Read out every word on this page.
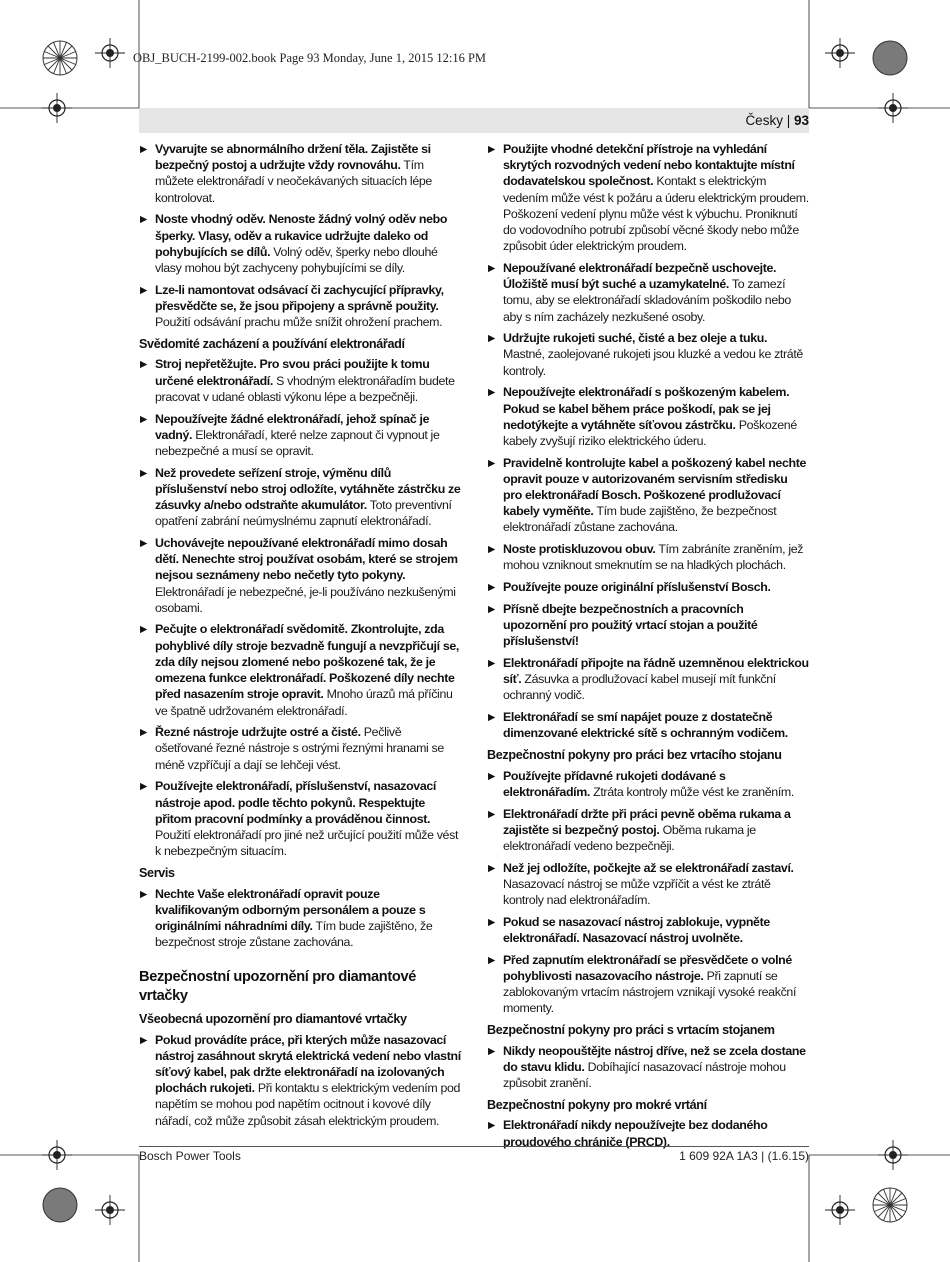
OBJ_BUCH-2199-002.book Page 93 Monday, June 1, 2015 12:16 PM
Česky | 93
▶ Vyvarujte se abnormálního držení těla. Zajistěte si bezpečný postoj a udržujte vždy rovnováhu. Tím můžete elektronářadí v neočekávaných situacích lépe kontrolovat.
▶ Noste vhodný oděv. Nenoste žádný volný oděv nebo šperky. Vlasy, oděv a rukavice udržujte daleko od pohybujících se dílů. Volný oděv, šperky nebo dlouhé vlasy mohou být zachyceny pohybujícími se díly.
▶ Lze-li namontovat odsávací či zachycující přípravky, přesvědčte se, že jsou připojeny a správně použity. Použití odsávání prachu může snížit ohrožení prachem.
Svědomité zacházení a používání elektronářadí
▶ Stroj nepřetěžujte. Pro svou práci použijte k tomu určené elektronářadí. S vhodným elektronářadím budete pracovat v udané oblasti výkonu lépe a bezpečněji.
▶ Nepoužívejte žádné elektronářadí, jehož spínač je vadný. Elektronářadí, které nelze zapnout či vypnout je nebezpečné a musí se opravit.
▶ Než provedete seřízení stroje, výměnu dílů příslušenství nebo stroj odložíte, vytáhněte zástrčku ze zásuvky a/nebo odstraňte akumulátor. Toto preventivní opatření zabrání neúmyslnému zapnutí elektronářadí.
▶ Uchovávejte nepoužívané elektronářadí mimo dosah dětí. Nenechte stroj používat osobám, které se strojem nejsou seznámeny nebo nečetly tyto pokyny. Elektronářadí je nebezpečné, je-li používáno nezkušenými osobami.
▶ Pečujte o elektronářadí svědomitě. Zkontrolujte, zda pohyblivé díly stroje bezvadně fungují a nevzpřičují se, zda díly nejsou zlomené nebo poškozené tak, že je omezena funkce elektronářadí. Poškozené díly nechte před nasazením stroje opravit. Mnoho úrazů má příčinu ve špatně udržovaném elektronářadí.
▶ Řezné nástroje udržujte ostré a čisté. Pečlivě ošetřované řezné nástroje s ostrými řeznými hranami se méně vzpříčují a dají se lehčeji vést.
▶ Používejte elektronářadí, příslušenství, nasazovací nástroje apod. podle těchto pokynů. Respektujte přitom pracovní podmínky a prováděnou činnost. Použití elektronářadí pro jiné než určující použití může vést k nebezpečným situacím.
Servis
▶ Nechte Vaše elektronářadí opravit pouze kvalifikovaným odborným personálem a pouze s originálními náhradními díly. Tím bude zajištěno, že bezpečnost stroje zůstane zachována.
Bezpečnostní upozornění pro diamantové vrtačky
Všeobecná upozornění pro diamantové vrtačky
▶ Pokud provádíte práce, při kterých může nasazovací nástroj zasáhnout skrytá elektrická vedení nebo vlastní síťový kabel, pak držte elektronářadí na izolovaných plochách rukojeti. Při kontaktu s elektrickým vedením pod napětím se mohou pod napětím ocitnout i kovové díly nářadí, což může způsobit zásah elektrickým proudem.
▶ Použijte vhodné detekční přístroje na vyhledání skrytých rozvodných vedení nebo kontaktujte místní dodavatelskou společnost. Kontakt s elektrickým vedením může vést k požáru a úderu elektrickým proudem. Poškození vedení plynu může vést k výbuchu. Proniknutí do vodovodního potrubí způsobí věcné škody nebo může způsobit úder elektrickým proudem.
▶ Nepoužívané elektronářadí bezpečně uschovejte. Úložiště musí být suché a uzamykatelné. To zamezí tomu, aby se elektronářadí skladováním poškodilo nebo aby s ním zacházely nezkušené osoby.
▶ Udržujte rukojeti suché, čisté a bez oleje a tuku. Mastné, zaolejované rukojeti jsou kluzké a vedou ke ztrátě kontroly.
▶ Nepoužívejte elektronářadí s poškozeným kabelem. Pokud se kabel během práce poškodí, pak se jej nedotýkejte a vytáhněte síťovou zástrčku. Poškozené kabely zvyšují riziko elektrického úderu.
▶ Pravidelně kontrolujte kabel a poškozený kabel nechte opravit pouze v autorizovaném servisním středisku pro elektronářadí Bosch. Poškozené prodlužovací kabely vyměňte. Tím bude zajištěno, že bezpečnost elektronářadí zůstane zachována.
▶ Noste protiskluzovou obuv. Tím zabráníte zraněním, jež mohou vzniknout smeknutím se na hladkých plochách.
▶ Používejte pouze originální příslušenství Bosch.
▶ Přísně dbejte bezpečnostních a pracovních upozornění pro použitý vrtací stojan a použité příslušenství!
▶ Elektronářadí připojte na řádně uzemněnou elektrickou síť. Zásuvka a prodlužovací kabel musejí mít funkční ochranný vodič.
▶ Elektronářadí se smí napájet pouze z dostatečně dimenzované elektrické sítě s ochranným vodičem.
Bezpečnostní pokyny pro práci bez vrtacího stojanu
▶ Používejte přídavné rukojeti dodávané s elektronářadím. Ztráta kontroly může vést ke zraněním.
▶ Elektronářadí držte při práci pevně oběma rukama a zajistěte si bezpečný postoj. Oběma rukama je elektronářadí vedeno bezpečněji.
▶ Než jej odložíte, počkejte až se elektronářadí zastaví. Nasazovací nástroj se může vzpříčit a vést ke ztrátě kontroly nad elektronářadím.
▶ Pokud se nasazovací nástroj zablokuje, vypněte elektronářadí. Nasazovací nástroj uvolněte.
▶ Před zapnutím elektronářadí se přesvědčete o volné pohyblivosti nasazovacího nástroje. Při zapnutí se zablokovaným vrtacím nástrojem vznikají vysoké reakční momenty.
Bezpečnostní pokyny pro práci s vrtacím stojanem
▶ Nikdy neopouštějte nástroj dříve, než se zcela dostane do stavu klidu. Dobíhající nasazovací nástroje mohou způsobit zranění.
Bezpečnostní pokyny pro mokré vrtání
▶ Elektronářadí nikdy nepoužívejte bez dodaného proudového chrániče (PRCD).
Bosch Power Tools	1 609 92A 1A3 | (1.6.15)
